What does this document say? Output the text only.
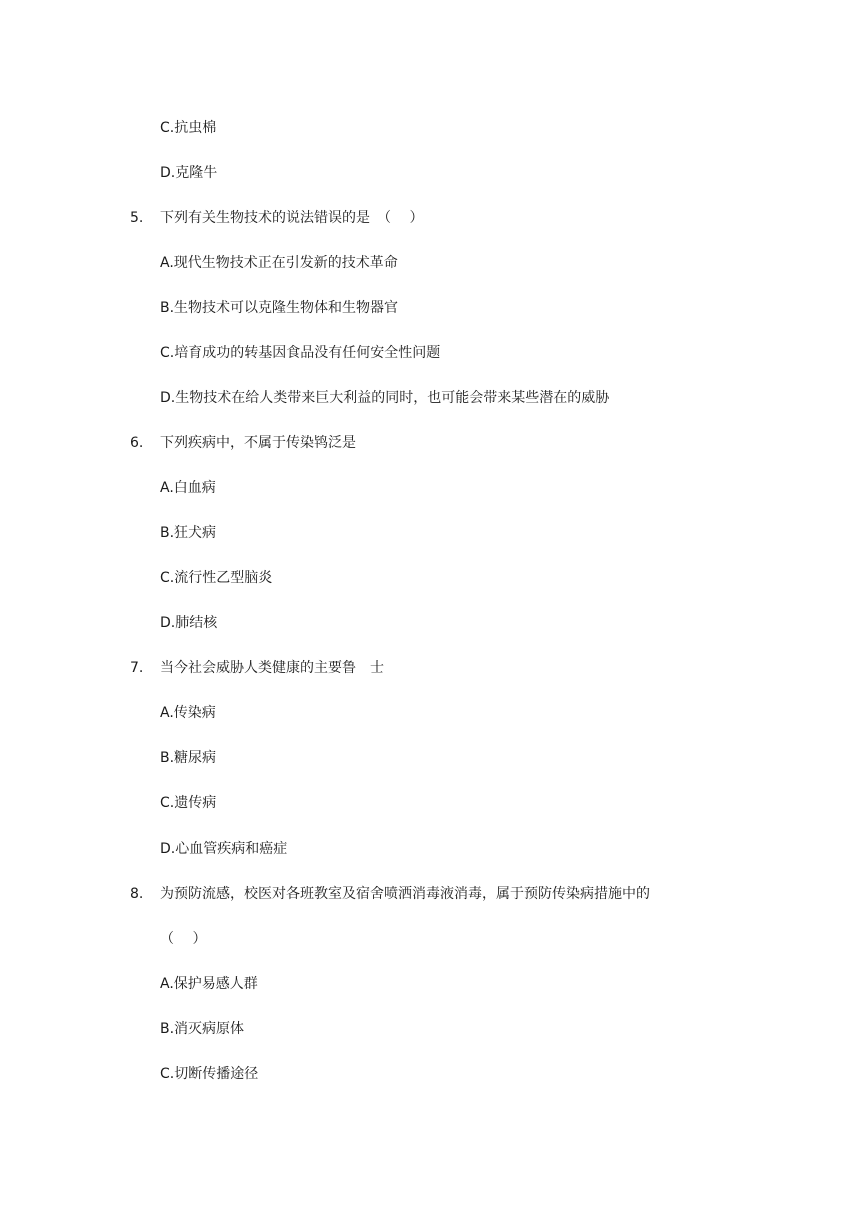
C.抗虫棉
D.克隆牛
5.	下列有关生物技术的说法错误的是　（　 ）
A.现代生物技术正在引发新的技术革命
B.生物技术可以克隆生物体和生物器官
C.培育成功的转基因食品没有任何安全性问题
D.生物技术在给人类带来巨大利益的同时，也可能会带来某些潜在的威胁
6.	下列疾病中，不属于传染鸨泛是
A.白血病
B.狂犬病
C.流行性乙型脑炎
D.肺结核
7.	当今社会威胁人类健康的主要鲁　士
A.传染病
B.糖尿病
C.遗传病
D.心血管疾病和癌症
8.	为预防流感，校医对各班教室及宿舍喷洒消毒液消毒，属于预防传染病措施中的
（　 ）
A.保护易感人群
B.消灭病原体
C.切断传播途径
